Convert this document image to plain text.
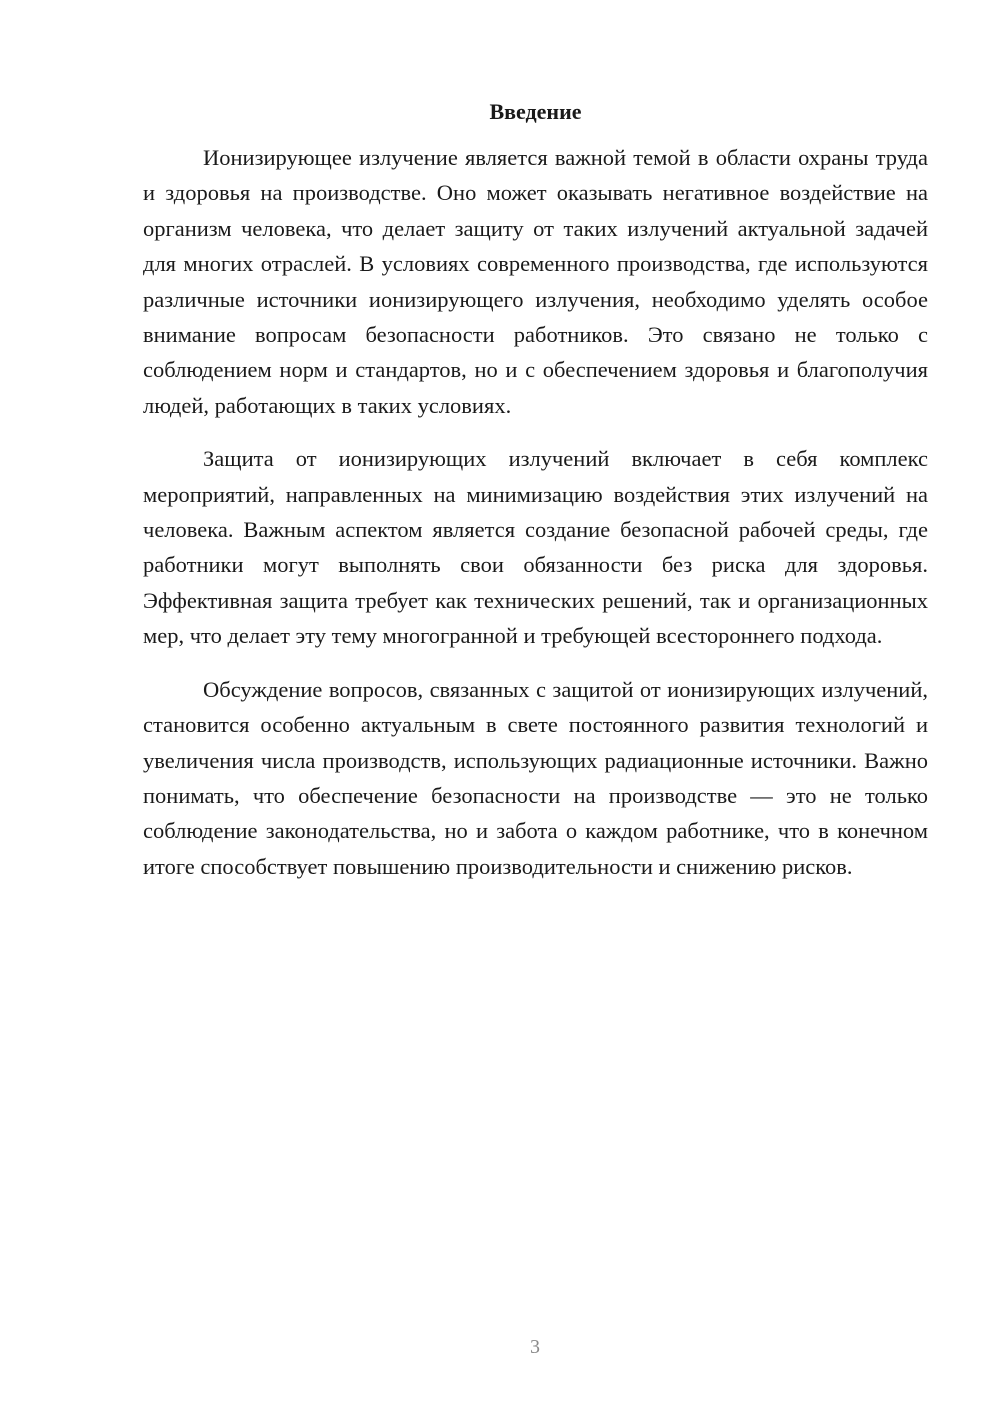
Введение

Ионизирующее излучение является важной темой в области охраны труда и здоровья на производстве. Оно может оказывать негативное воздействие на организм человека, что делает защиту от таких излучений актуальной задачей для многих отраслей. В условиях современного производства, где используются различные источники ионизирующего излучения, необходимо уделять особое внимание вопросам безопасности работников. Это связано не только с соблюдением норм и стандартов, но и с обеспечением здоровья и благополучия людей, работающих в таких условиях.

Защита от ионизирующих излучений включает в себя комплекс мероприятий, направленных на минимизацию воздействия этих излучений на человека. Важным аспектом является создание безопасной рабочей среды, где работники могут выполнять свои обязанности без риска для здоровья. Эффективная защита требует как технических решений, так и организационных мер, что делает эту тему многогранной и требующей всестороннего подхода.

Обсуждение вопросов, связанных с защитой от ионизирующих излучений, становится особенно актуальным в свете постоянного развития технологий и увеличения числа производств, использующих радиационные источники. Важно понимать, что обеспечение безопасности на производстве — это не только соблюдение законодательства, но и забота о каждом работнике, что в конечном итоге способствует повышению производительности и снижению рисков.

3
